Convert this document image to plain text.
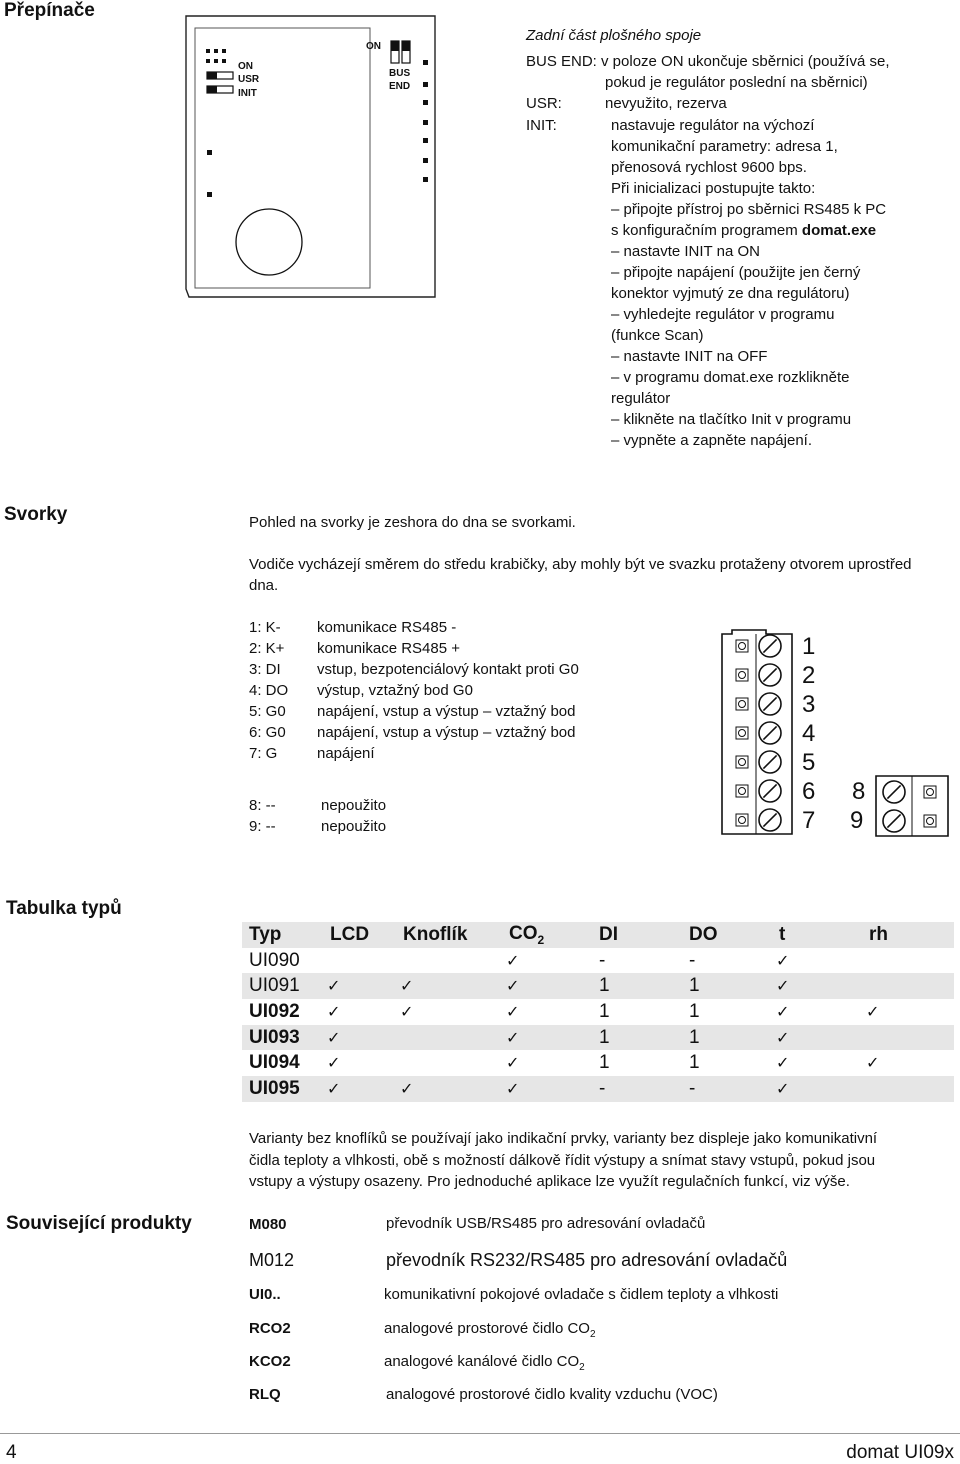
Přepínače
ON
USR
INIT
ON
BUS
END
Zadní část plošného spoje
BUS END: v poloze ON ukončuje sběrnici (používá se,
pokud je regulátor poslední na sběrnici)
USR:	nevyužito, rezerva
INIT:	nastavuje regulátor na výchozí
komunikační parametry: adresa 1,
přenosová rychlost 9600 bps.
Při inicializaci postupujte takto:
– připojte přístroj po sběrnici RS485 k PC
s konfiguračním programem domat.exe
– nastavte INIT na ON
– připojte napájení (použijte jen černý
konektor vyjmutý ze dna regulátoru)
– vyhledejte regulátor v programu
(funkce Scan)
– nastavte INIT na OFF
– v programu domat.exe rozklikněte
regulátor
– klikněte na tlačítko Init v programu
– vypněte a zapněte napájení.
Svorky	Pohled na svorky je zeshora do dna se svorkami.
Vodiče vycházejí směrem do středu krabičky, aby mohly být ve svazku protaženy otvorem uprostřed
dna.
1: K- komunikace RS485 -
2: K+ komunikace RS485 +
3: DI vstup, bezpotenciálový kontakt proti G0
4: DO výstup, vztažný bod G0
5: G0 napájení, vstup a výstup – vztažný bod
6: G0 napájení, vstup a výstup – vztažný bod
7: G	napájení
8: --	nepoužito
9: --	nepoužito
1
2
3
4
5
6
7
8
9
Tabulka typů
Typ	LCD	Knoflík	$CO_2$	DI	DO	t	rh
UI090			✓	-	-	✓	
UI091	✓	✓	✓	1	1	✓	
UI092	✓	✓	✓	1	1	✓	✓
UI093	✓		✓	1	1	✓	
UI094	✓		✓	1	1	✓	✓
UI095	✓	✓	✓	-	-	✓	
Varianty bez knoflíků se používají jako indikační prvky, varianty bez displeje jako komunikativní
čidla teploty a vlhkosti, obě s možností dálkově řídit výstupy a snímat stavy vstupů, pokud jsou
vstupy a výstupy osazeny. Pro jednoduché aplikace lze využít regulačních funkcí, viz výše.
Související produkty	M080	převodník USB/RS485 pro adresování ovladačů
M012	převodník RS232/RS485 pro adresování ovladačů
UI0..	komunikativní pokojové ovladače s čidlem teploty a vlhkosti
RCO2	analogové prostorové čidlo $CO_2$
KCO2	analogové kanálové čidlo $CO_2$
RLQ	analogové prostorové čidlo kvality vzduchu (VOC)
4	domat UI09x
